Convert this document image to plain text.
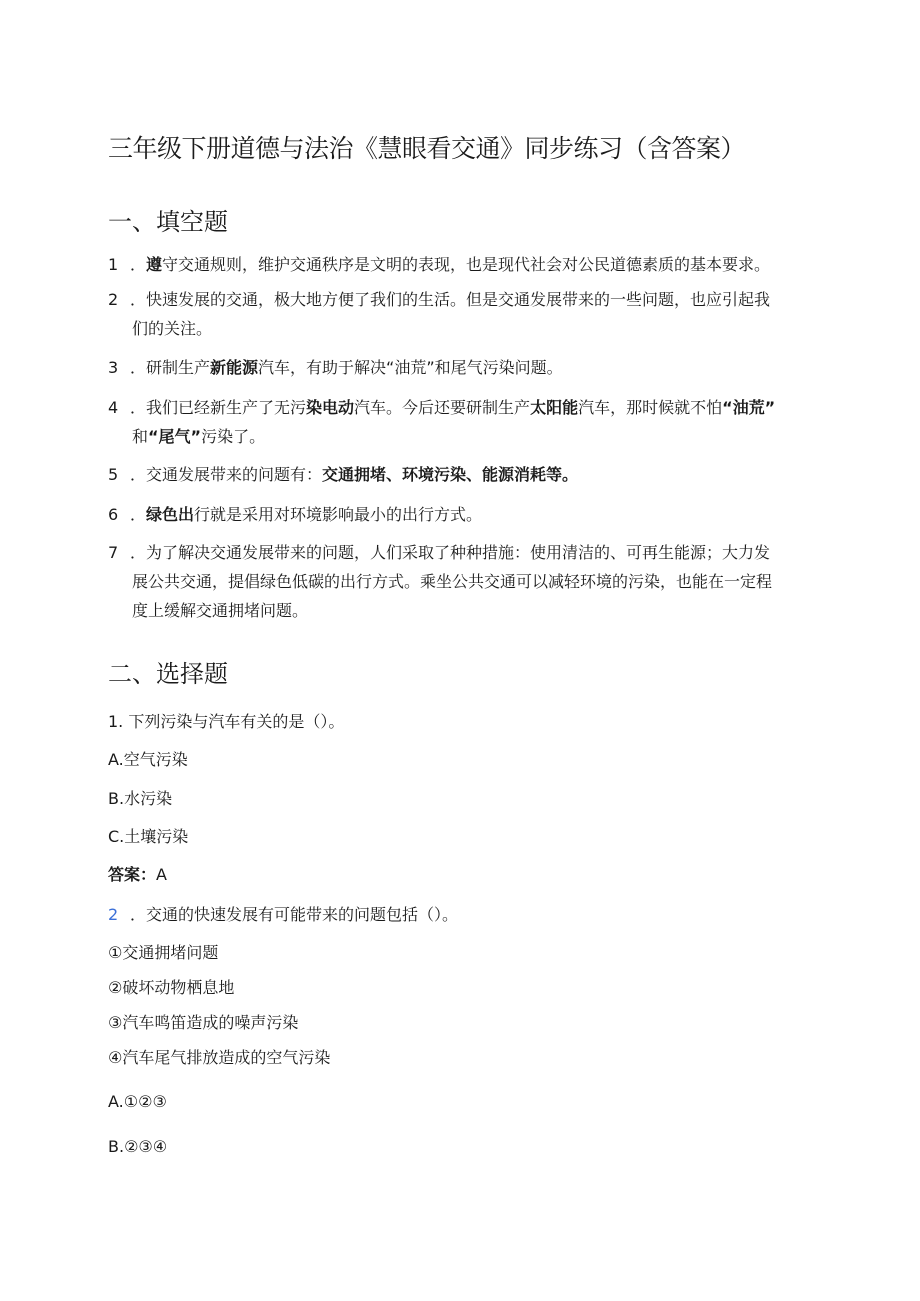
三年级下册道德与法治《慧眼看交通》同步练习（含答案）
一、填空题
1 ．遵守交通规则，维护交通秩序是文明的表现，也是现代社会对公民道德素质的基本要求。
2 ．快速发展的交通，极大地方便了我们的生活。但是交通发展带来的一些问题，也应引起我
们的关注。
3 ．研制生产新能源汽车，有助于解决“油荒”和尾气污染问题。
4 ．我们已经新生产了无污染电动汽车。今后还要研制生产太阳能汽车，那时候就不怕“油荒”
和“尾气”污染了。
5 ．交通发展带来的问题有：交通拥堵、环境污染、能源消耗等。
6 ．绿色出行就是采用对环境影响最小的出行方式。
7 ．为了解决交通发展带来的问题，人们采取了种种措施：使用清洁的、可再生能源；大力发
展公共交通，提倡绿色低碳的出行方式。乘坐公共交通可以减轻环境的污染，也能在一定程
度上缓解交通拥堵问题。
二、选择题
1. 下列污染与汽车有关的是（）。
A.空气污染
B.水污染
C.土壤污染
答案：A
2 ．交通的快速发展有可能带来的问题包括（）。
①交通拥堵问题
②破坏动物栖息地
③汽车鸣笛造成的噪声污染
④汽车尾气排放造成的空气污染
A.①②③
B.②③④
